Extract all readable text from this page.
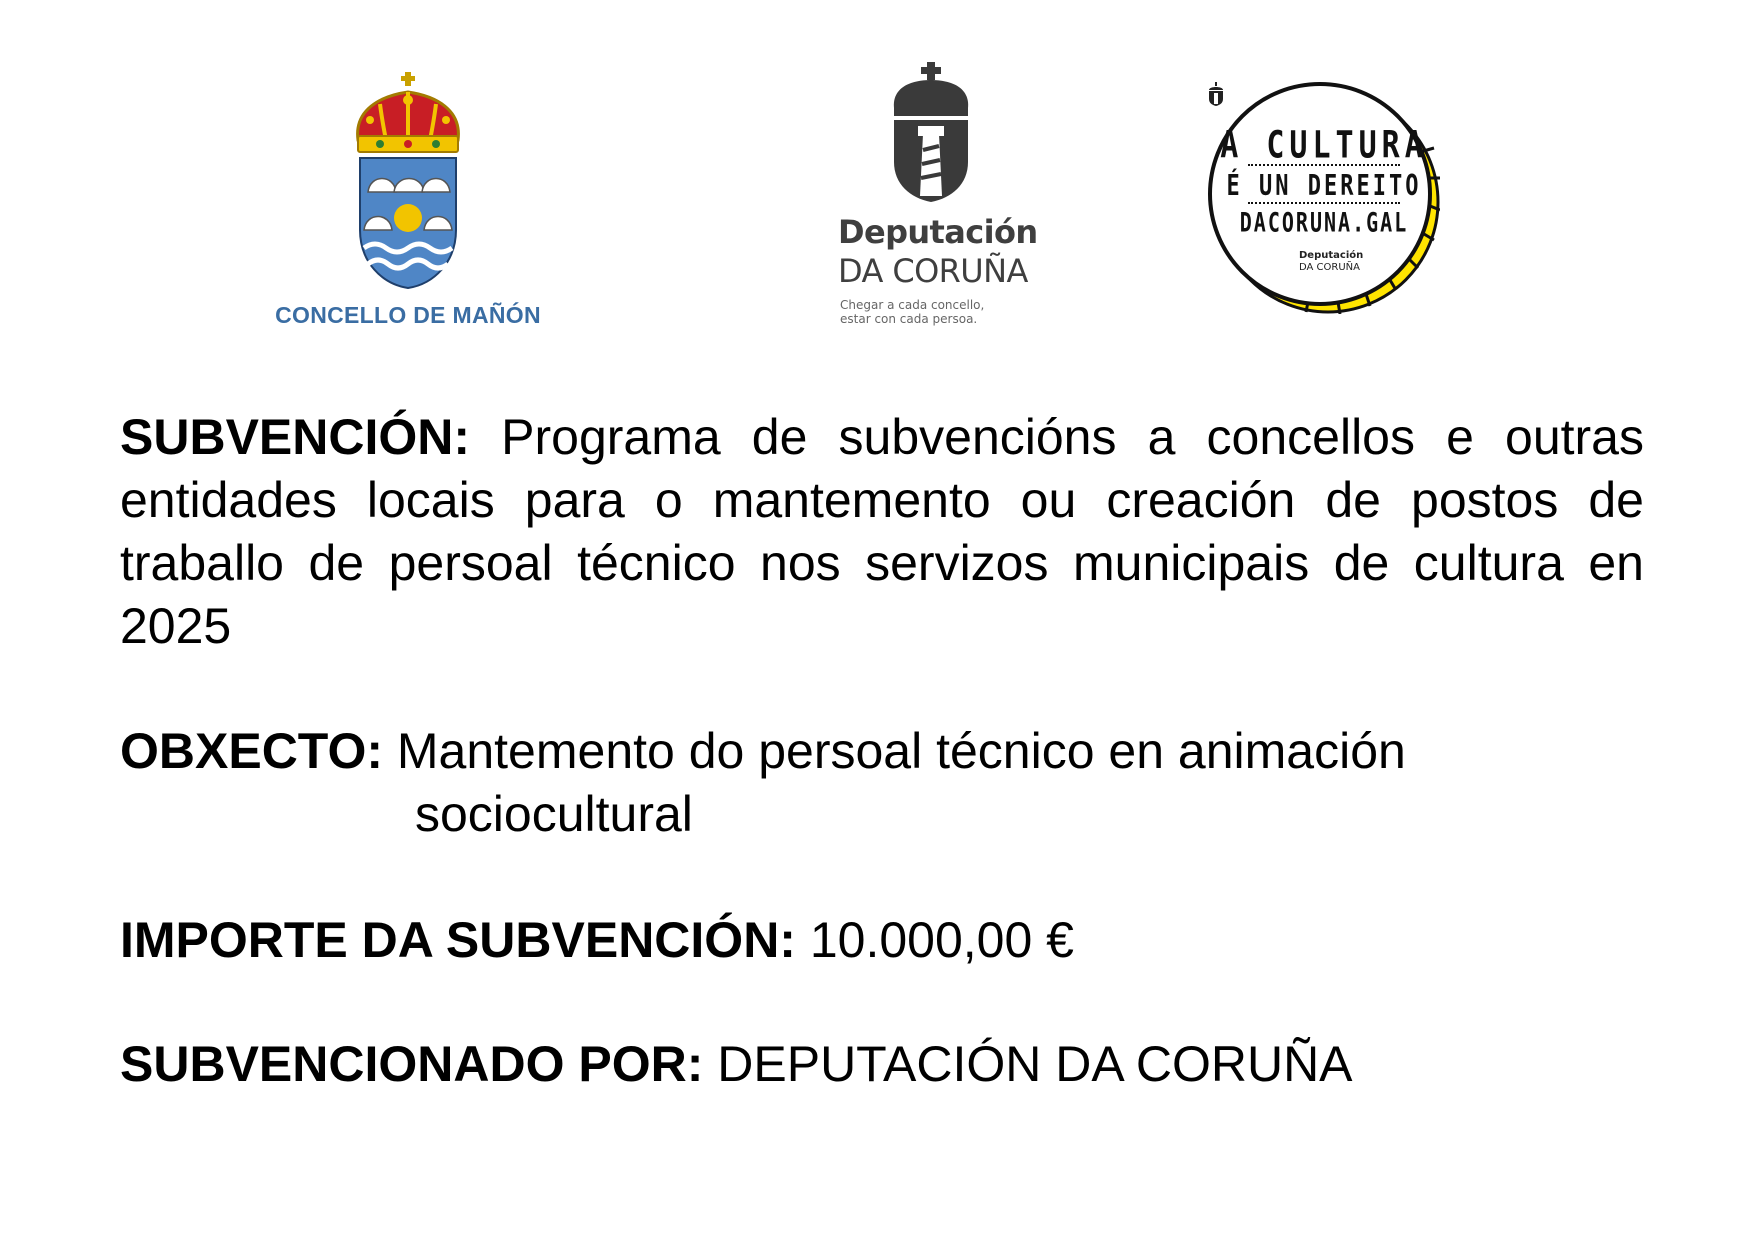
CONCELLO DE MAÑÓN
Deputación
DA CORUÑA
Chegar a cada concello,
estar con cada persoa.
A CULTURA
É UN DEREITO
DACORUNA.GAL
Deputación
DA CORUÑA
SUBVENCIÓN: Programa de subvencións a concellos e outras entidades locais para o mantemento ou creación de postos de traballo de persoal técnico nos servizos municipais de cultura en 2025
OBXECTO: Mantemento do persoal técnico en animación
sociocultural
IMPORTE DA SUBVENCIÓN: 10.000,00 €
SUBVENCIONADO POR: DEPUTACIÓN DA CORUÑA
